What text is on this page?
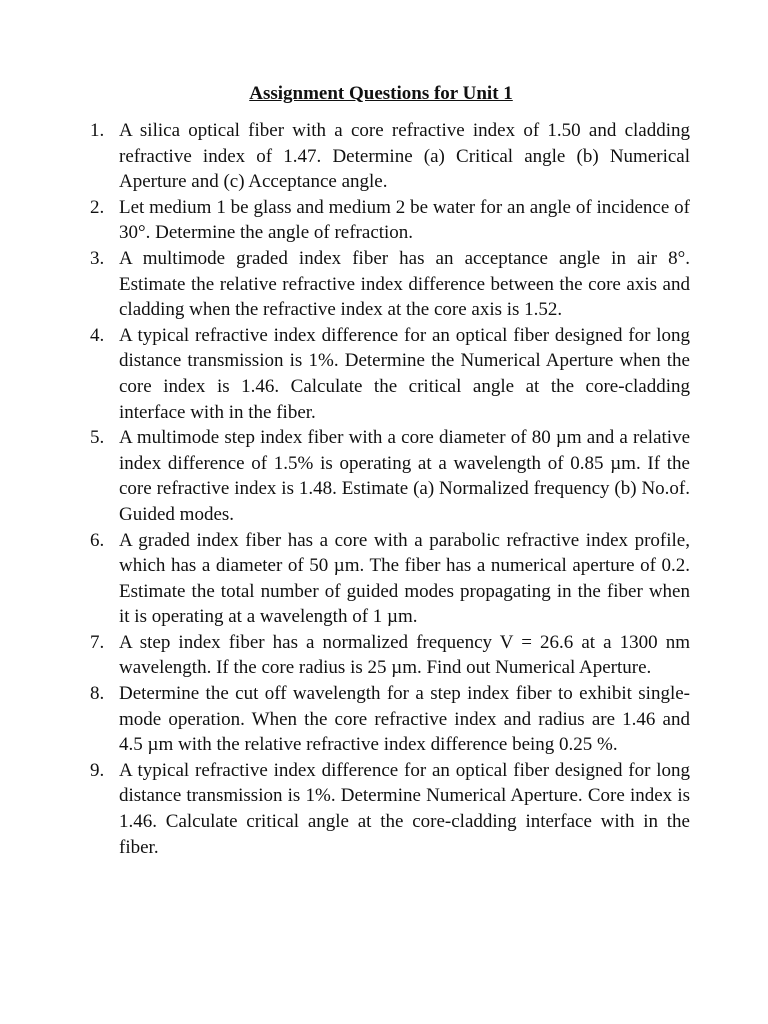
Assignment Questions for Unit 1
1. A silica optical fiber with a core refractive index of 1.50 and cladding refractive index of 1.47. Determine (a) Critical angle (b) Numerical Aperture and (c) Acceptance angle.
2. Let medium 1 be glass and medium 2 be water for an angle of incidence of 30°. Determine the angle of refraction.
3. A multimode graded index fiber has an acceptance angle in air 8°. Estimate the relative refractive index difference between the core axis and cladding when the refractive index at the core axis is 1.52.
4. A typical refractive index difference for an optical fiber designed for long distance transmission is 1%. Determine the Numerical Aperture when the core index is 1.46. Calculate the critical angle at the core-cladding interface with in the fiber.
5. A multimode step index fiber with a core diameter of 80 µm and a relative index difference of 1.5% is operating at a wavelength of 0.85 µm. If the core refractive index is 1.48. Estimate (a) Normalized frequency (b) No.of. Guided modes.
6. A graded index fiber has a core with a parabolic refractive index profile, which has a diameter of 50 µm. The fiber has a numerical aperture of 0.2. Estimate the total number of guided modes propagating in the fiber when it is operating at a wavelength of 1 µm.
7. A step index fiber has a normalized frequency V = 26.6 at a 1300 nm wavelength. If the core radius is 25 µm. Find out Numerical Aperture.
8. Determine the cut off wavelength for a step index fiber to exhibit single-mode operation. When the core refractive index and radius are 1.46 and 4.5 µm with the relative refractive index difference being 0.25 %.
9. A typical refractive index difference for an optical fiber designed for long distance transmission is 1%. Determine Numerical Aperture. Core index is 1.46. Calculate critical angle at the core-cladding interface with in the fiber.
